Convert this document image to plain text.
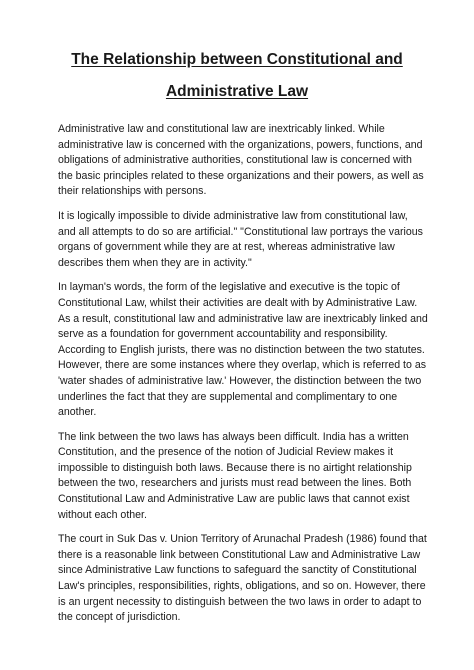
The Relationship between Constitutional and
Administrative Law

Administrative law and constitutional law are inextricably linked. While
administrative law is concerned with the organizations, powers, functions, and
obligations of administrative authorities, constitutional law is concerned with
the basic principles related to these organizations and their powers, as well as
their relationships with persons.

It is logically impossible to divide administrative law from constitutional law,
and all attempts to do so are artificial." "Constitutional law portrays the various
organs of government while they are at rest, whereas administrative law
describes them when they are in activity."

In layman's words, the form of the legislative and executive is the topic of
Constitutional Law, whilst their activities are dealt with by Administrative Law.
As a result, constitutional law and administrative law are inextricably linked and
serve as a foundation for government accountability and responsibility.
According to English jurists, there was no distinction between the two statutes.
However, there are some instances where they overlap, which is referred to as
'water shades of administrative law.' However, the distinction between the two
underlines the fact that they are supplemental and complimentary to one
another.

The link between the two laws has always been difficult. India has a written
Constitution, and the presence of the notion of Judicial Review makes it
impossible to distinguish both laws. Because there is no airtight relationship
between the two, researchers and jurists must read between the lines. Both
Constitutional Law and Administrative Law are public laws that cannot exist
without each other.

The court in Suk Das v. Union Territory of Arunachal Pradesh (1986) found that
there is a reasonable link between Constitutional Law and Administrative Law
since Administrative Law functions to safeguard the sanctity of Constitutional
Law's principles, responsibilities, rights, obligations, and so on. However, there
is an urgent necessity to distinguish between the two laws in order to adapt to
the concept of jurisdiction.
